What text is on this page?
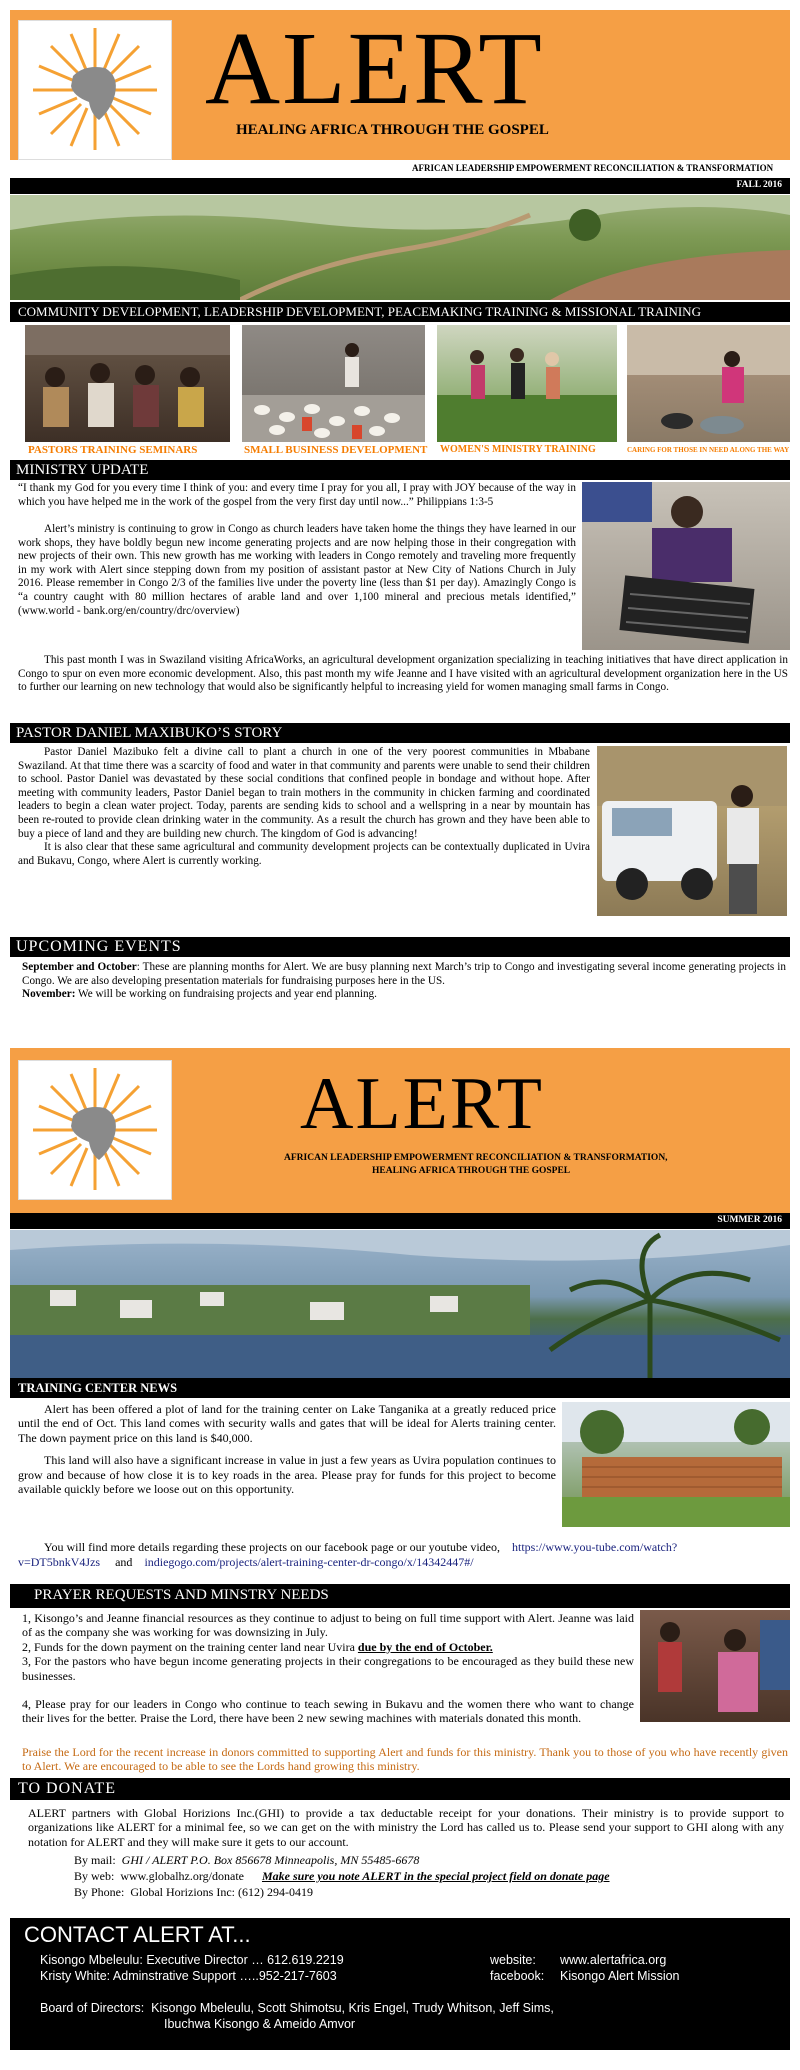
ALERT
HEALING AFRICA THROUGH THE GOSPEL
AFRICAN LEADERSHIP EMPOWERMENT RECONCILIATION & TRANSFORMATION
FALL 2016
COMMUNITY DEVELOPMENT, LEADERSHIP DEVELOPMENT, PEACEMAKING TRAINING & MISSIONAL TRAINING
PASTORS TRAINING SEMINARS	SMALL BUSINESS DEVELOPMENT WOMEN'S MINISTRY TRAINING	CARING FOR THOSE IN NEED ALONG THE WAY
MINISTRY UPDATE

“I thank my God for you every time I think of you: and every time I pray for you all, I pray with JOY because of the way in which you have helped me in the work of the gospel from the very first day until now...” Philippians 1:3-5

Alert’s ministry is continuing to grow in Congo as church leaders have taken home the things they have learned in our work shops, they have boldly begun new income generating projects and are now helping those in their congregation with new projects of their own. This new growth has me working with leaders in Congo remotely and traveling more frequently in my work with Alert since stepping down from my position of assistant pastor at New City of Nations Church in July 2016. Please remember in Congo 2/3 of the families live under the poverty line (less than $1 per day). Amazingly Congo is “a country caught with 80 million hectares of arable land and over 1,100 mineral and precious metals identified,” (www.world - bank.org/en/country/drc/overview)

This past month I was in Swaziland visiting AfricaWorks, an agricultural development organization specializing in teaching initiatives that have direct application in Congo to spur on even more economic development. Also, this past month my wife Jeanne and I have visited with an agricultural development organization here in the US to further our learning on new technology that would also be significantly helpful to increasing yield for women managing small farms in Congo.

PASTOR DANIEL MAXIBUKO’S STORY

Pastor Daniel Mazibuko felt a divine call to plant a church in one of the very poorest communities in Mbabane Swaziland. At that time there was a scarcity of food and water in that community and parents were unable to send their children to school. Pastor Daniel was devastated by these social conditions that confined people in bondage and without hope. After meeting with community leaders, Pastor Daniel began to train mothers in the community in chicken farming and coordinated leaders to begin a clean water project. Today, parents are sending kids to school and a wellspring in a near by mountain has been re-routed to provide clean drinking water in the community. As a result the church has grown and they have been able to buy a piece of land and they are building new church. The kingdom of God is advancing!

It is also clear that these same agricultural and community development projects can be contextually duplicated in Uvira and Bukavu, Congo, where Alert is currently working.

UPCOMING EVENTS

September and October: These are planning months for Alert. We are busy planning next March’s trip to Congo and investigating several income generating projects in Congo. We are also developing presentation materials for fundraising purposes here in the US.

November: We will be working on fundraising projects and year end planning.

ALERT
AFRICAN LEADERSHIP EMPOWERMENT RECONCILIATION & TRANSFORMATION,
HEALING AFRICA THROUGH THE GOSPEL
SUMMER 2016
TRAINING CENTER NEWS

Alert has been offered a plot of land for the training center on Lake Tanganika at a greatly reduced price until the end of Oct. This land comes with security walls and gates that will be ideal for Alerts training center. The down payment price on this land is $40,000.

This land will also have a significant increase in value in just a few years as Uvira population continues to grow and because of how close it is to key roads in the area. Please pray for funds for this project to become available quickly before we loose out on this opportunity.

You will find more details regarding these projects on our facebook page or our youtube video, https://www.you-tube.com/watch?v=DT5bnkV4Jzs and indiegogo.com/projects/alert-training-center-dr-congo/x/14342447#/

PRAYER REQUESTS AND MINSTRY NEEDS

1, Kisongo’s and Jeanne financial resources as they continue to adjust to being on full time support with Alert. Jeanne was laid of as the company she was working for was downsizing in July.

2, Funds for the down payment on the training center land near Uvira due by the end of October.

3, For the pastors who have begun income generating projects in their congregations to be encouraged as they build these new businesses.

4, Please pray for our leaders in Congo who continue to teach sewing in Bukavu and the women there who want to change their lives for the better. Praise the Lord, there have been 2 new sewing machines with materials donated this month.

Praise the Lord for the recent increase in donors committed to supporting Alert and funds for this ministry. Thank you to those of you who have recently given to Alert. We are encouraged to be able to see the Lords hand growing this ministry.

TO DONATE

ALERT partners with Global Horizions Inc.(GHI) to provide a tax deductable receipt for your donations. Their ministry is to provide support to organizations like ALERT for a minimal fee, so we can get on the with ministry the Lord has called us to. Please send your support to GHI along with any notation for ALERT and they will make sure it gets to our account.

By mail: GHI / ALERT P.O. Box 856678 Minneapolis, MN 55485-6678
By web: www.globalhz.org/donate Make sure you note ALERT in the special project field on donate page
By Phone: Global Horizions Inc: (612) 294-0419
CONTACT ALERT AT...
Kisongo Mbeleulu: Executive Director … 612.619.2219
Kristy White: Adminstrative Support …..952-217-7603
website: www.alertafrica.org
facebook: Kisongo Alert Mission
Board of Directors: Kisongo Mbeleulu, Scott Shimotsu, Kris Engel, Trudy Whitson, Jeff Sims,
Ibuchwa Kisongo & Ameido Amvor
